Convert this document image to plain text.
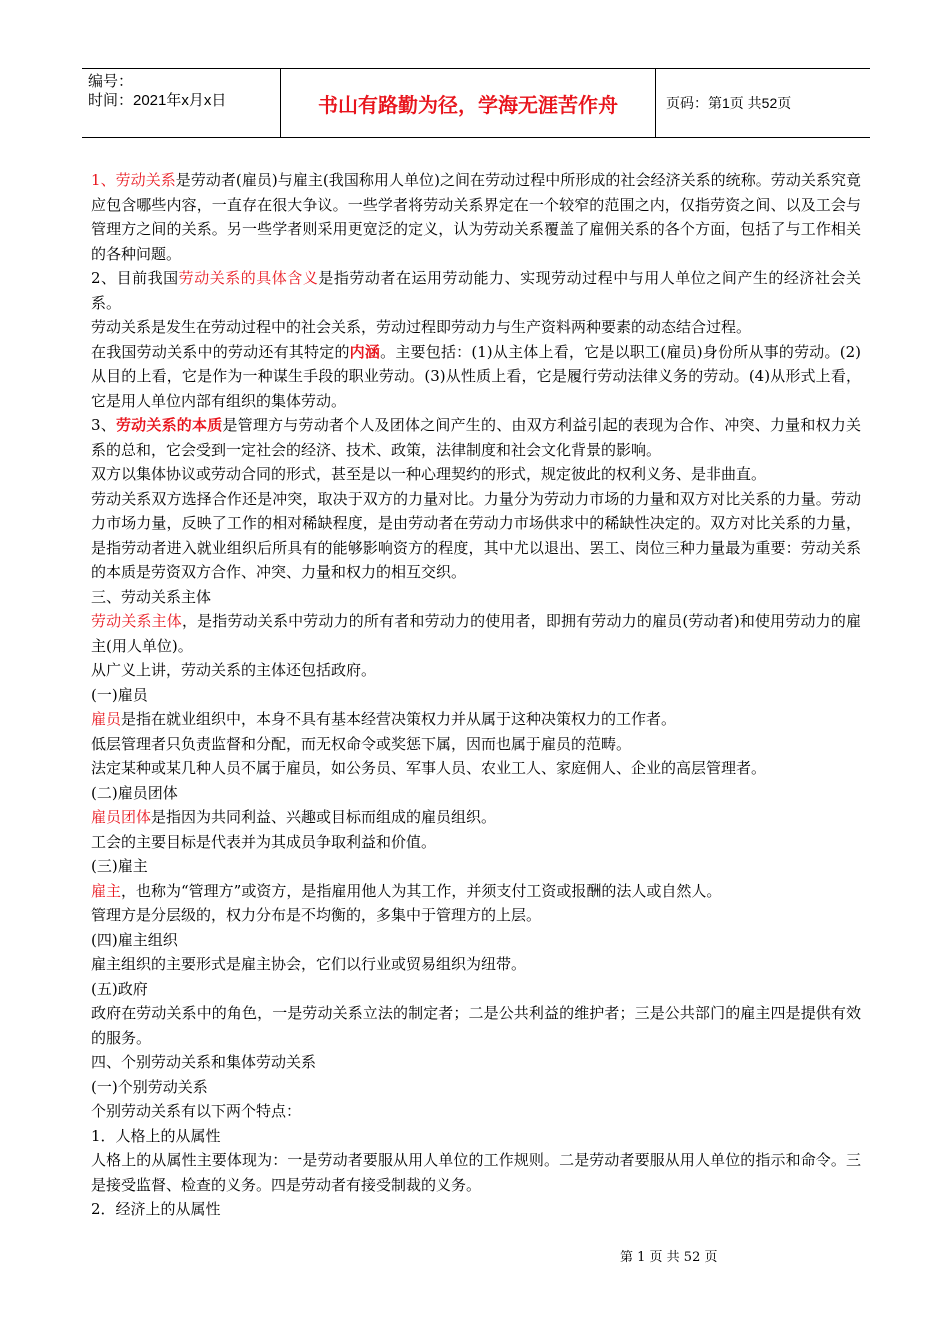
编号：
时间：2021年x月x日	书山有路勤为径，学海无涯苦作舟	页码：第1页 共52页

1、劳动关系是劳动者(雇员)与雇主(我国称用人单位)之间在劳动过程中所形成的社会经济关系的统称。劳动关系究竟应包含哪些内容，一直存在很大争议。一些学者将劳动关系界定在一个较窄的范围之内，仅指劳资之间、以及工会与管理方之间的关系。另一些学者则采用更宽泛的定义，认为劳动关系覆盖了雇佣关系的各个方面，包括了与工作相关的各种问题。

2、目前我国劳动关系的具体含义是指劳动者在运用劳动能力、实现劳动过程中与用人单位之间产生的经济社会关系。

劳动关系是发生在劳动过程中的社会关系，劳动过程即劳动力与生产资料两种要素的动态结合过程。

在我国劳动关系中的劳动还有其特定的内涵。主要包括：(1)从主体上看，它是以职工(雇员)身份所从事的劳动。(2)从目的上看，它是作为一种谋生手段的职业劳动。(3)从性质上看，它是履行劳动法律义务的劳动。(4)从形式上看，它是用人单位内部有组织的集体劳动。

3、劳动关系的本质是管理方与劳动者个人及团体之间产生的、由双方利益引起的表现为合作、冲突、力量和权力关系的总和，它会受到一定社会的经济、技术、政策，法律制度和社会文化背景的影响。

双方以集体协议或劳动合同的形式，甚至是以一种心理契约的形式，规定彼此的权利义务、是非曲直。

劳动关系双方选择合作还是冲突，取决于双方的力量对比。力量分为劳动力市场的力量和双方对比关系的力量。劳动力市场力量，反映了工作的相对稀缺程度，是由劳动者在劳动力市场供求中的稀缺性决定的。双方对比关系的力量，是指劳动者进入就业组织后所具有的能够影响资方的程度，其中尤以退出、罢工、岗位三种力量最为重要：劳动关系的本质是劳资双方合作、冲突、力量和权力的相互交织。

三、劳动关系主体

劳动关系主体，是指劳动关系中劳动力的所有者和劳动力的使用者，即拥有劳动力的雇员(劳动者)和使用劳动力的雇主(用人单位)。

从广义上讲，劳动关系的主体还包括政府。

(一)雇员

雇员是指在就业组织中，本身不具有基本经营决策权力并从属于这种决策权力的工作者。

低层管理者只负责监督和分配，而无权命令或奖惩下属，因而也属于雇员的范畴。

法定某种或某几种人员不属于雇员，如公务员、军事人员、农业工人、家庭佣人、企业的高层管理者。

(二)雇员团体

雇员团体是指因为共同利益、兴趣或目标而组成的雇员组织。

工会的主要目标是代表并为其成员争取利益和价值。

(三)雇主

雇主，也称为“管理方”或资方，是指雇用他人为其工作，并须支付工资或报酬的法人或自然人。

管理方是分层级的，权力分布是不均衡的，多集中于管理方的上层。

(四)雇主组织

雇主组织的主要形式是雇主协会，它们以行业或贸易组织为纽带。

(五)政府

政府在劳动关系中的角色，一是劳动关系立法的制定者；二是公共利益的维护者；三是公共部门的雇主四是提供有效的服务。

四、个别劳动关系和集体劳动关系

(一)个别劳动关系

个别劳动关系有以下两个特点：

1．人格上的从属性

人格上的从属性主要体现为：一是劳动者要服从用人单位的工作规则。二是劳动者要服从用人单位的指示和命令。三是接受监督、检查的义务。四是劳动者有接受制裁的义务。

2．经济上的从属性

第 1 页 共 52 页
